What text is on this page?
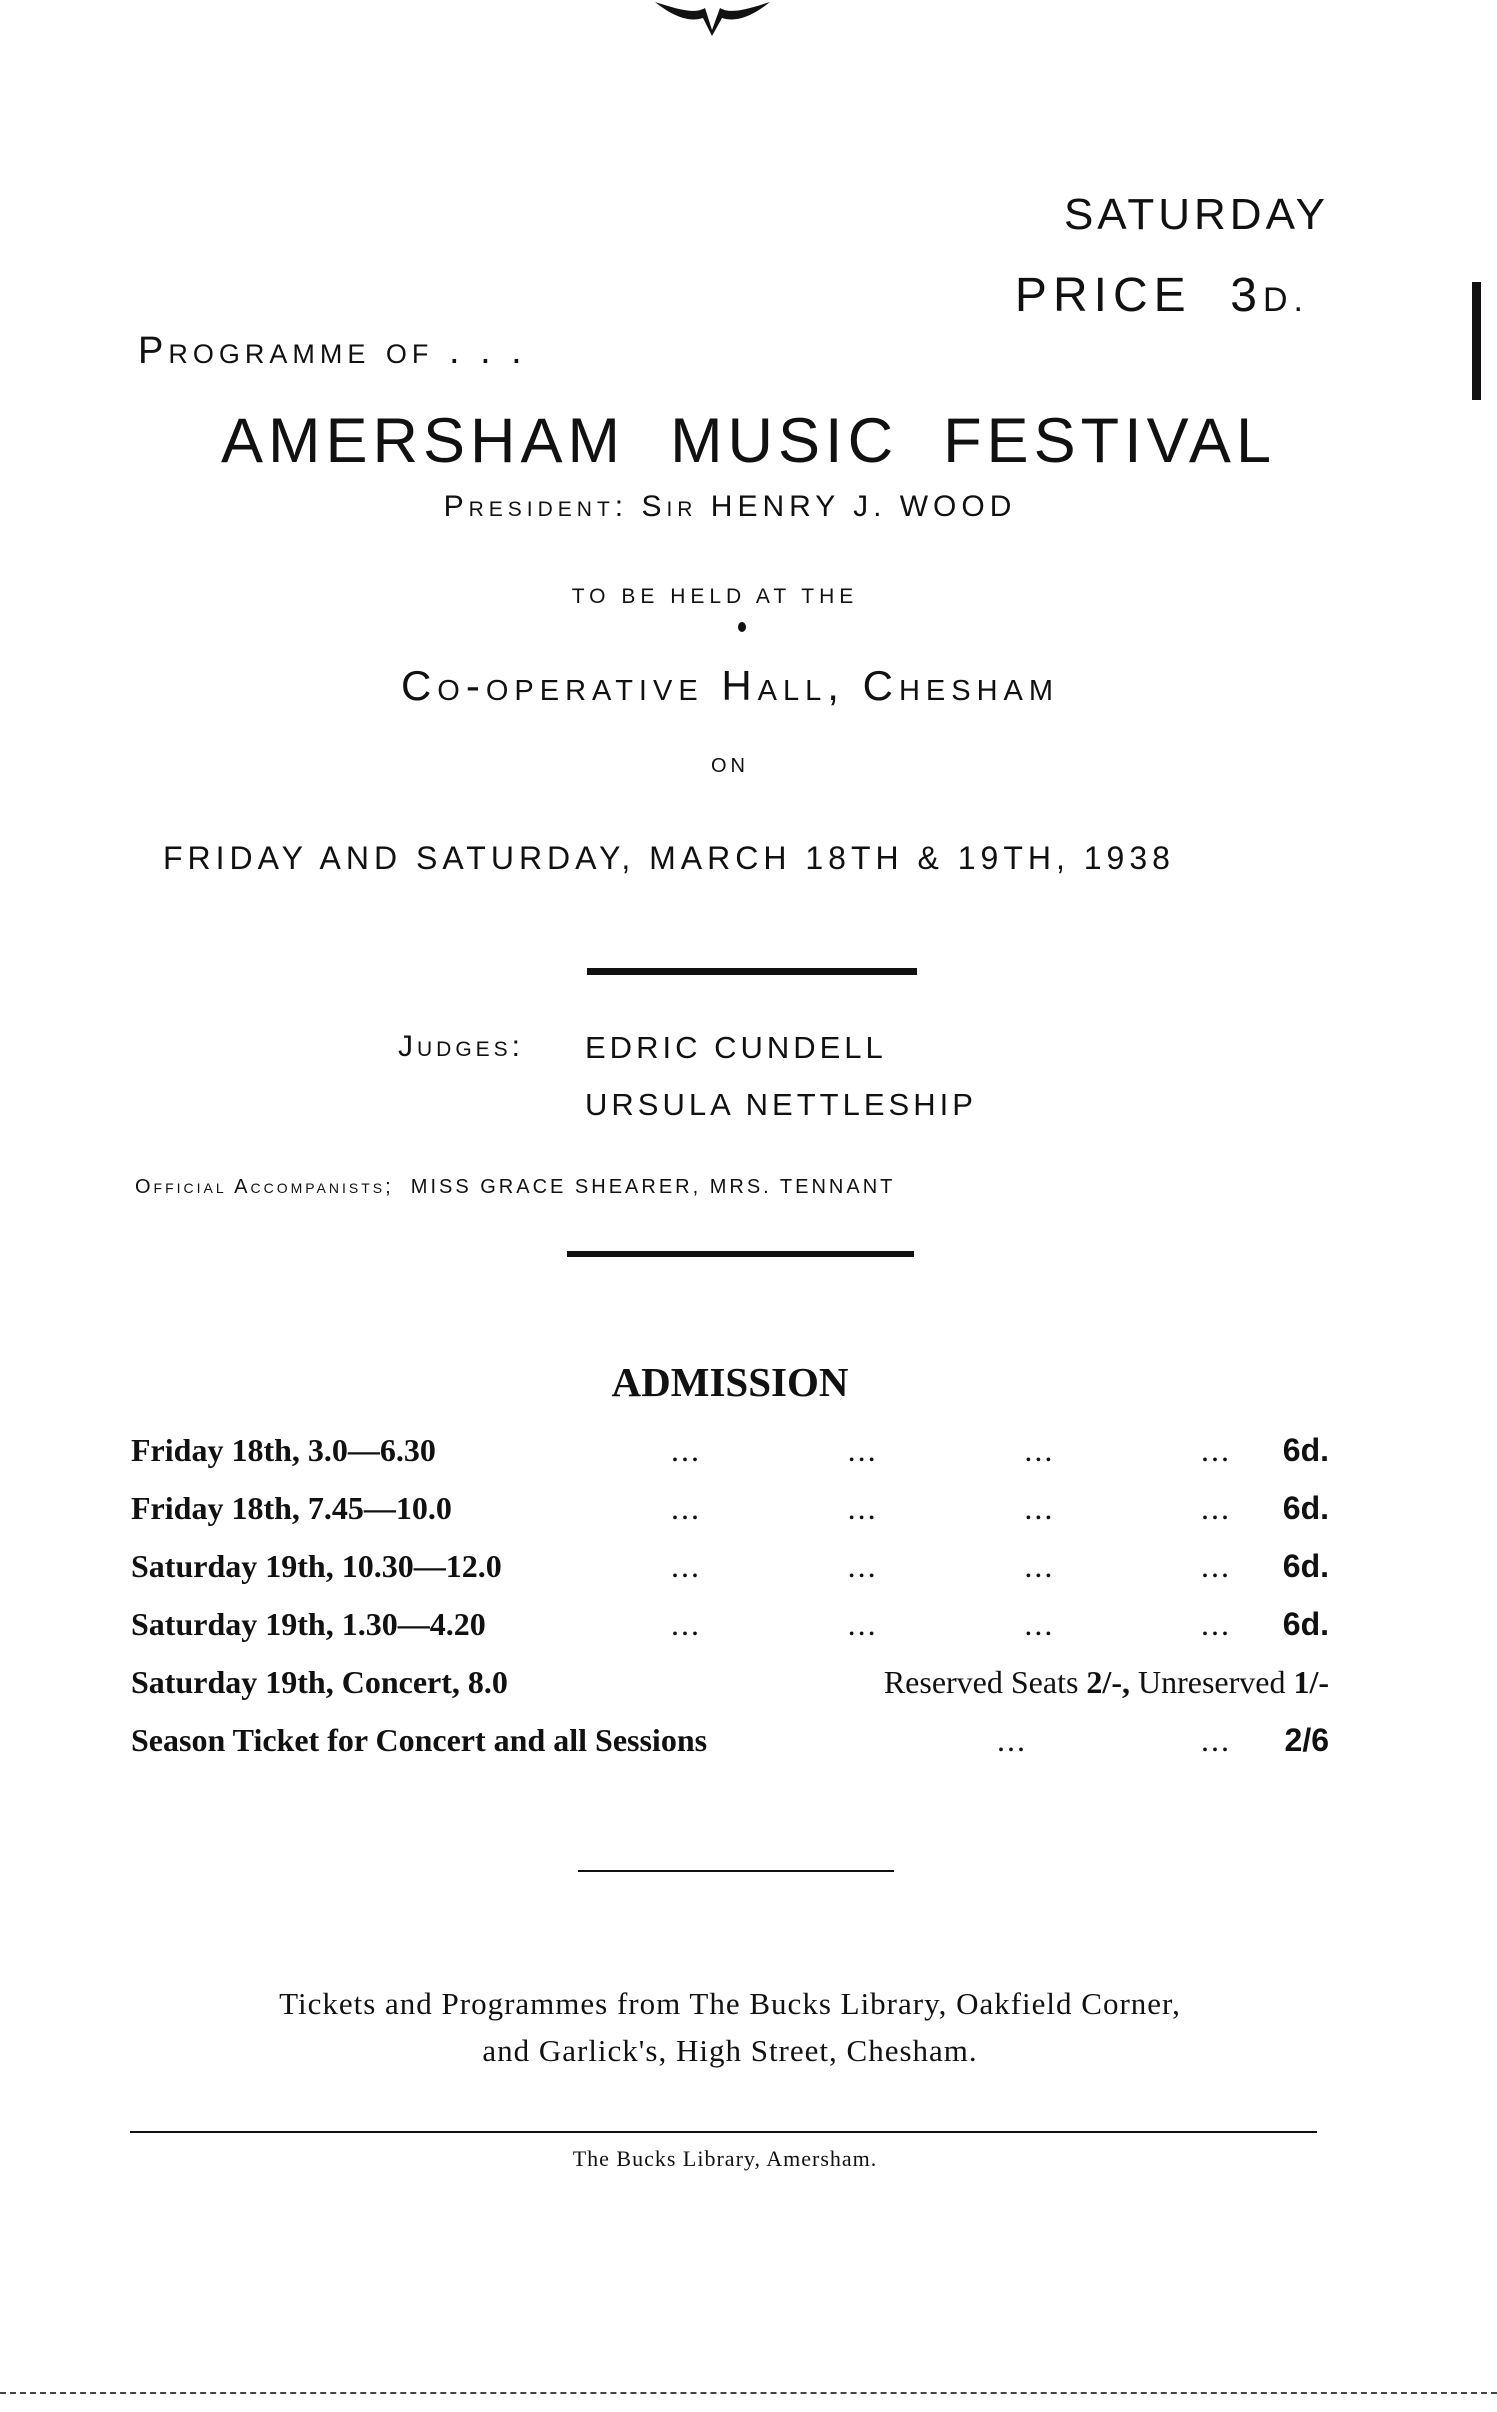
SATURDAY
PRICE 3D.
Programme of . . .
AMERSHAM MUSIC FESTIVAL
President: Sir HENRY J. WOOD
TO BE HELD AT THE
Co-operative Hall, Chesham
ON
FRIDAY AND SATURDAY, MARCH 18TH & 19TH, 1938
Judges: EDRIC CUNDELL
URSULA NETTLESHIP
Official Accompanists; MISS GRACE SHEARER, MRS. TENNANT
ADMISSION
Friday 18th, 3.0—6.30	...	...	...	... 6d.
Friday 18th, 7.45—10.0	...	...	...	... 6d.
Saturday 19th, 10.30—12.0	...	...	...	... 6d.
Saturday 19th, 1.30—4.20	...	...	...	... 6d.
Saturday 19th, Concert, 8.0	Reserved Seats 2/-, Unreserved 1/-
Season Ticket for Concert and all Sessions	...	... 2/6
Tickets and Programmes from The Bucks Library, Oakfield Corner,
and Garlick's, High Street, Chesham.
The Bucks Library, Amersham.
